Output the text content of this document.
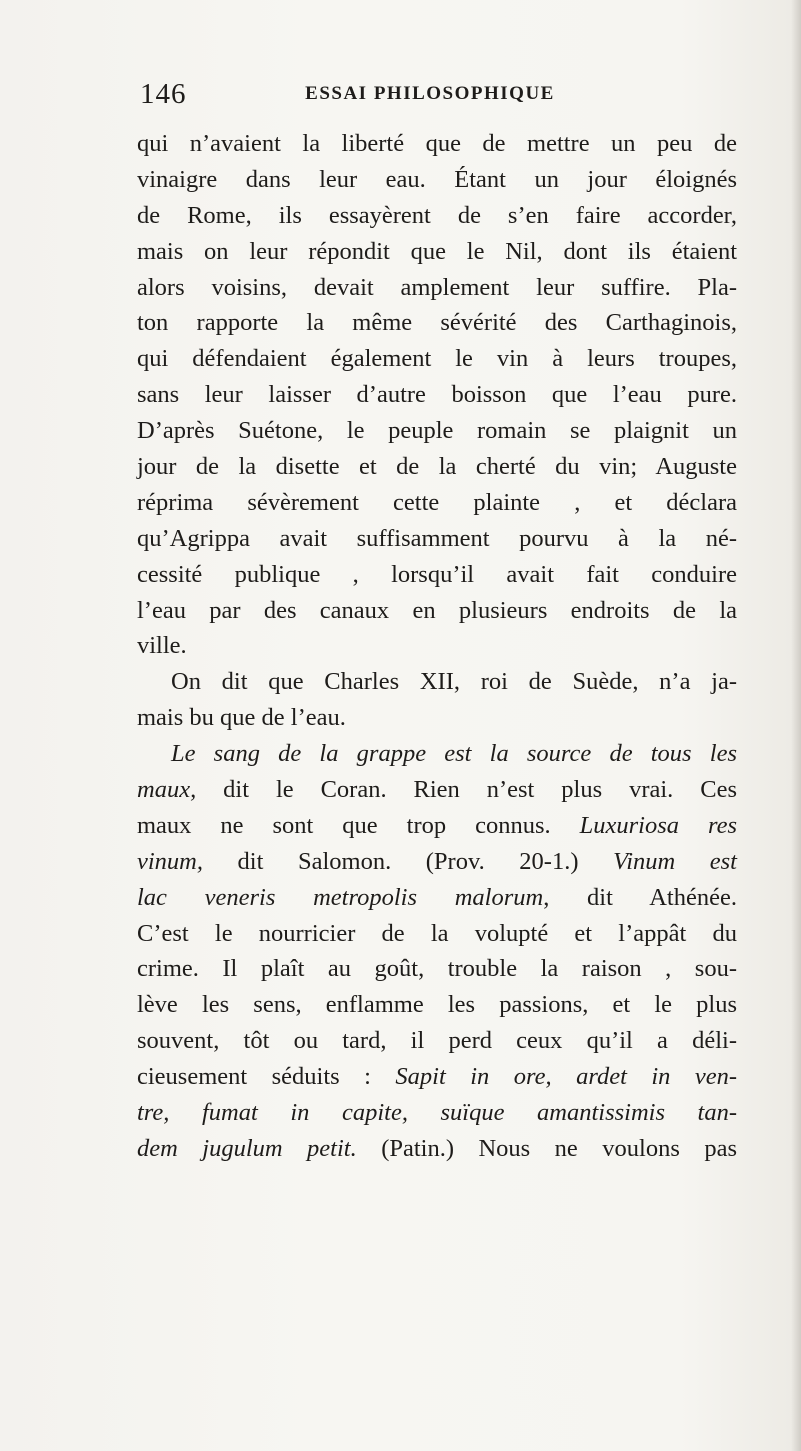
146	ESSAI PHILOSOPHIQUE
qui n’avaient la liberté que de mettre un peu de
vinaigre dans leur eau. Étant un jour éloignés
de Rome, ils essayèrent de s’en faire accorder,
mais on leur répondit que le Nil, dont ils étaient
alors voisins, devait amplement leur suffire. Pla-
ton rapporte la même sévérité des Carthaginois,
qui défendaient également le vin à leurs troupes,
sans leur laisser d’autre boisson que l’eau pure.
D’après Suétone, le peuple romain se plaignit un
jour de la disette et de la cherté du vin; Auguste
réprima sévèrement cette plainte , et déclara
qu’Agrippa avait suffisamment pourvu à la né-
cessité publique , lorsqu’il avait fait conduire
l’eau par des canaux en plusieurs endroits de la
ville.
On dit que Charles XII, roi de Suède, n’a ja-
mais bu que de l’eau.
Le sang de la grappe est la source de tous les
maux, dit le Coran. Rien n’est plus vrai. Ces
maux ne sont que trop connus. Luxuriosa res
vinum, dit Salomon. (Prov. 20-1.) Vinum est
lac veneris metropolis malorum, dit Athénée.
C’est le nourricier de la volupté et l’appât du
crime. Il plaît au goût, trouble la raison , sou-
lève les sens, enflamme les passions, et le plus
souvent, tôt ou tard, il perd ceux qu’il a déli-
cieusement séduits : Sapit in ore, ardet in ven-
tre, fumat in capite, suïque amantissimis tan-
dem jugulum petit. (Patin.) Nous ne voulons pas
